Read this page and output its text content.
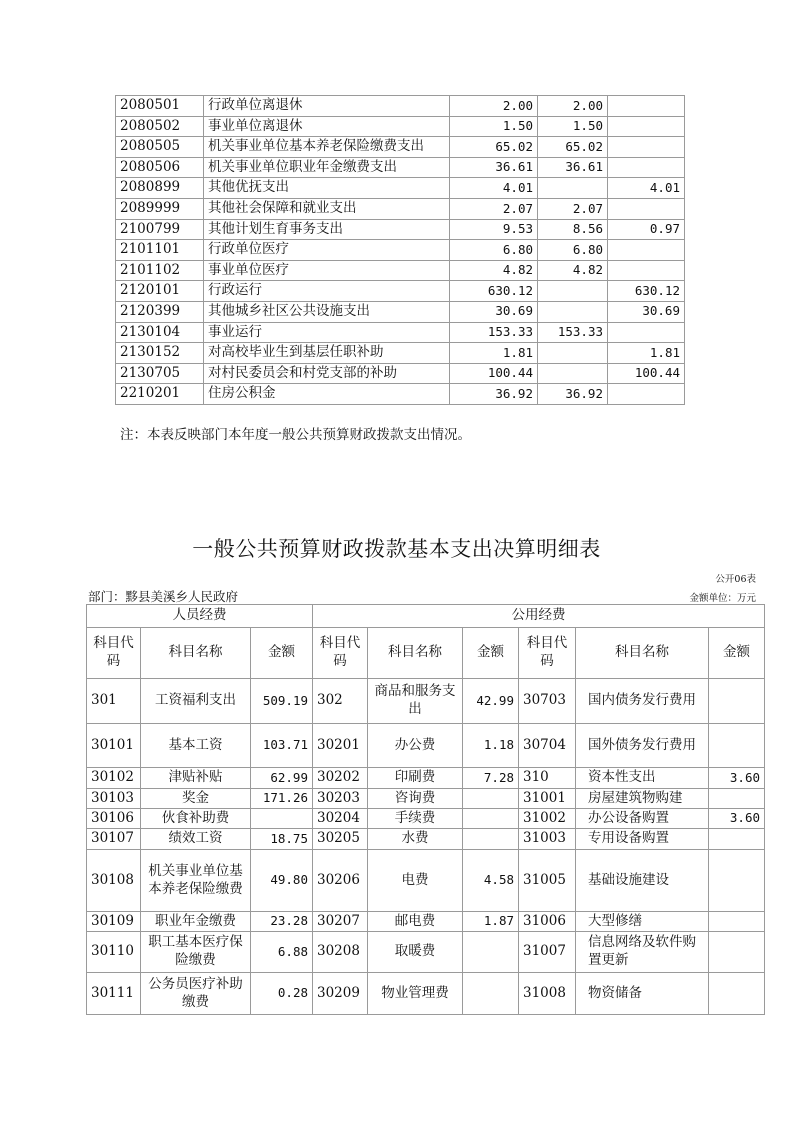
2080501	行政单位离退休	2.00	2.00	
2080502	事业单位离退休	1.50	1.50	
2080505	机关事业单位基本养老保险缴费支出	65.02	65.02	
2080506	机关事业单位职业年金缴费支出	36.61	36.61	
2080899	其他优抚支出	4.01		4.01
2089999	其他社会保障和就业支出	2.07	2.07	
2100799	其他计划生育事务支出	9.53	8.56	0.97
2101101	行政单位医疗	6.80	6.80	
2101102	事业单位医疗	4.82	4.82	
2120101	行政运行	630.12		630.12
2120399	其他城乡社区公共设施支出	30.69		30.69
2130104	事业运行	153.33	153.33	
2130152	对高校毕业生到基层任职补助	1.81		1.81
2130705	对村民委员会和村党支部的补助	100.44		100.44
2210201	住房公积金	36.92	36.92	
注：本表反映部门本年度一般公共预算财政拨款支出情况。
一般公共预算财政拨款基本支出决算明细表
公开06表
部门：黟县美溪乡人民政府	金额单位：万元
人员经费			公用经费					
科目代码	科目名称	金额	科目代码	科目名称	金额	科目代码	科目名称	金额
301	工资福利支出	509.19	302	商品和服务支出	42.99	30703	国内债务发行费用	
30101	基本工资	103.71	30201	办公费	1.18	30704	国外债务发行费用	
30102	津贴补贴	62.99	30202	印刷费	7.28	310	资本性支出	3.60
30103	奖金	171.26	30203	咨询费		31001	房屋建筑物购建	
30106	伙食补助费		30204	手续费		31002	办公设备购置	3.60
30107	绩效工资	18.75	30205	水费		31003	专用设备购置	
30108	机关事业单位基本养老保险缴费	49.80	30206	电费	4.58	31005	基础设施建设	
30109	职业年金缴费	23.28	30207	邮电费	1.87	31006	大型修缮	
30110	职工基本医疗保险缴费	6.88	30208	取暖费		31007	信息网络及软件购置更新	
30111	公务员医疗补助缴费	0.28	30209	物业管理费		31008	物资储备	
